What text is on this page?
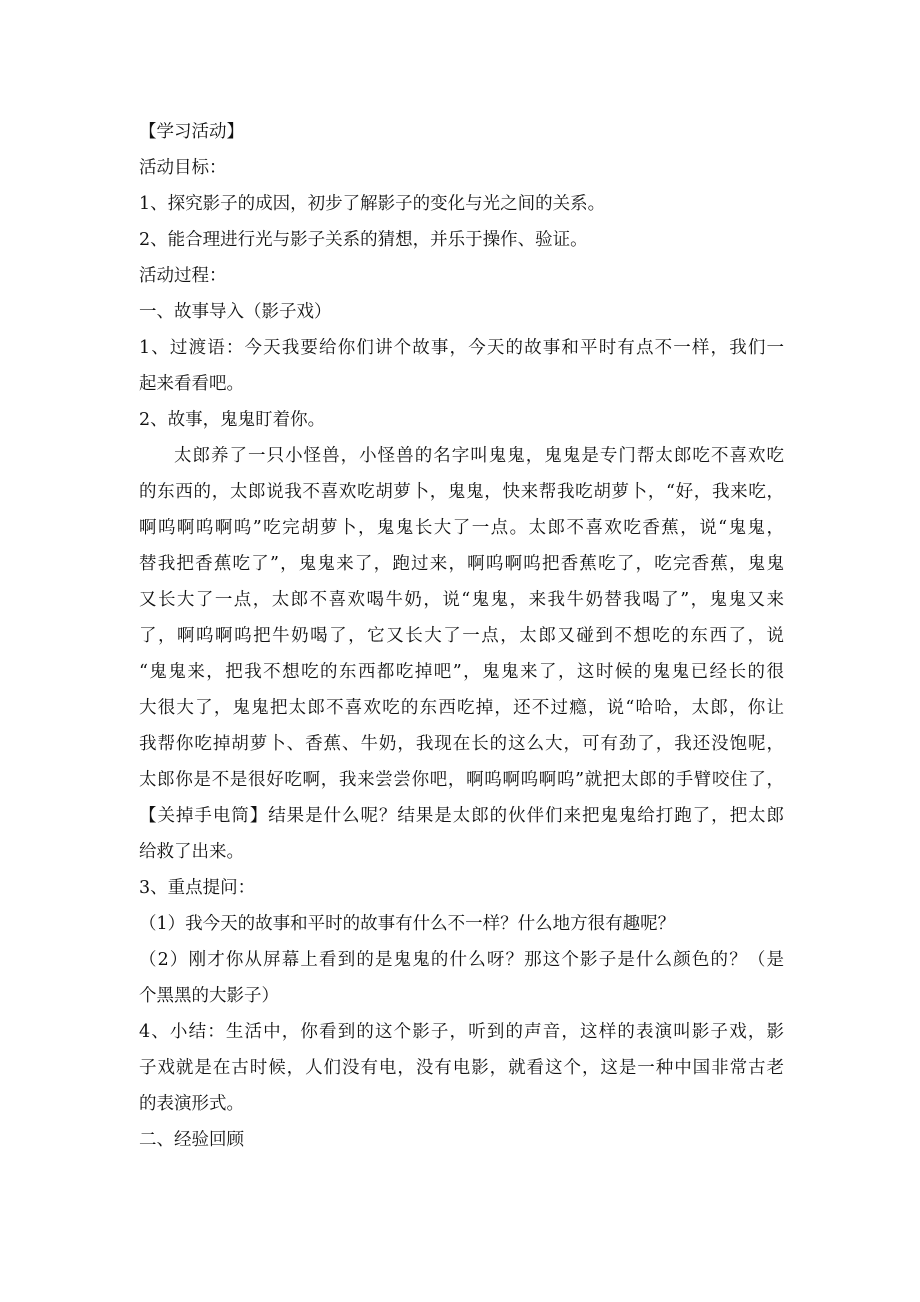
【学习活动】
活动目标：
1、探究影子的成因，初步了解影子的变化与光之间的关系。
2、能合理进行光与影子关系的猜想，并乐于操作、验证。
活动过程：
一、故事导入（影子戏）
1、过渡语：今天我要给你们讲个故事，今天的故事和平时有点不一样，我们一
起来看看吧。
2、故事，鬼鬼盯着你。
太郎养了一只小怪兽，小怪兽的名字叫鬼鬼，鬼鬼是专门帮太郎吃不喜欢吃
的东西的，太郎说我不喜欢吃胡萝卜，鬼鬼，快来帮我吃胡萝卜，“好，我来吃，
啊呜啊呜啊呜”吃完胡萝卜，鬼鬼长大了一点。太郎不喜欢吃香蕉，说“鬼鬼，
替我把香蕉吃了”，鬼鬼来了，跑过来，啊呜啊呜把香蕉吃了，吃完香蕉，鬼鬼
又长大了一点，太郎不喜欢喝牛奶，说“鬼鬼，来我牛奶替我喝了”，鬼鬼又来
了，啊呜啊呜把牛奶喝了，它又长大了一点，太郎又碰到不想吃的东西了，说
“鬼鬼来，把我不想吃的东西都吃掉吧”，鬼鬼来了，这时候的鬼鬼已经长的很
大很大了，鬼鬼把太郎不喜欢吃的东西吃掉，还不过瘾，说“哈哈，太郎，你让
我帮你吃掉胡萝卜、香蕉、牛奶，我现在长的这么大，可有劲了，我还没饱呢，
太郎你是不是很好吃啊，我来尝尝你吧，啊呜啊呜啊呜”就把太郎的手臂咬住了，
【关掉手电筒】结果是什么呢？结果是太郎的伙伴们来把鬼鬼给打跑了，把太郎
给救了出来。
3、重点提问：
（1）我今天的故事和平时的故事有什么不一样？什么地方很有趣呢？
（2）刚才你从屏幕上看到的是鬼鬼的什么呀？那这个影子是什么颜色的？（是
个黑黑的大影子）
4、小结：生活中，你看到的这个影子，听到的声音，这样的表演叫影子戏，影
子戏就是在古时候，人们没有电，没有电影，就看这个，这是一种中国非常古老
的表演形式。
二、经验回顾
